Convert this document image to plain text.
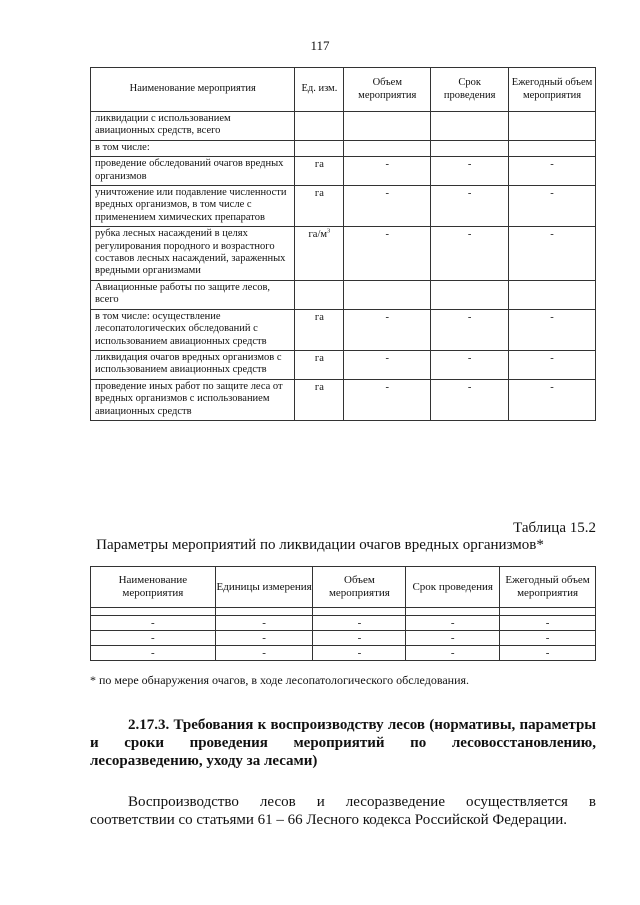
117
Наименование мероприятия	Ед. изм.	Объем мероприятия	Срок проведения	Ежегодный объем мероприятия
ликвидации с использованием авиационных средств, всего				
в том числе:				
проведение обследований очагов вредных организмов	га	-	-	-
уничтожение или подавление численности вредных организмов, в том числе с применением химических препаратов	га	-	-	-
рубка лесных насаждений в целях регулирования породного и возрастного составов лесных насаждений, зараженных вредными организмами	$га/м^3$	-	-	-
Авиационные работы по защите лесов, всего				
в том числе: осуществление лесопатологических обследований с использованием авиационных средств	га	-	-	-
ликвидация очагов вредных организмов с использованием авиационных средств	га	-	-	-
проведение иных работ по защите леса от вредных организмов с использованием авиационных средств	га	-	-	-
Таблица 15.2
Параметры мероприятий по ликвидации очагов вредных организмов*
Наименование мероприятия	Единицы измерения	Объем мероприятия	Срок проведения	Ежегодный объем мероприятия

-	-	-	-	-
-	-	-	-	-
-	-	-	-	-
* по мере обнаружения очагов, в ходе лесопатологического обследования.
2.17.3. Требования к воспроизводству лесов (нормативы, параметры и сроки проведения мероприятий по лесовосстановлению, лесоразведению, уходу за лесами)
Воспроизводство лесов и лесоразведение осуществляется в соответствии со статьями 61 – 66 Лесного кодекса Российской Федерации.
